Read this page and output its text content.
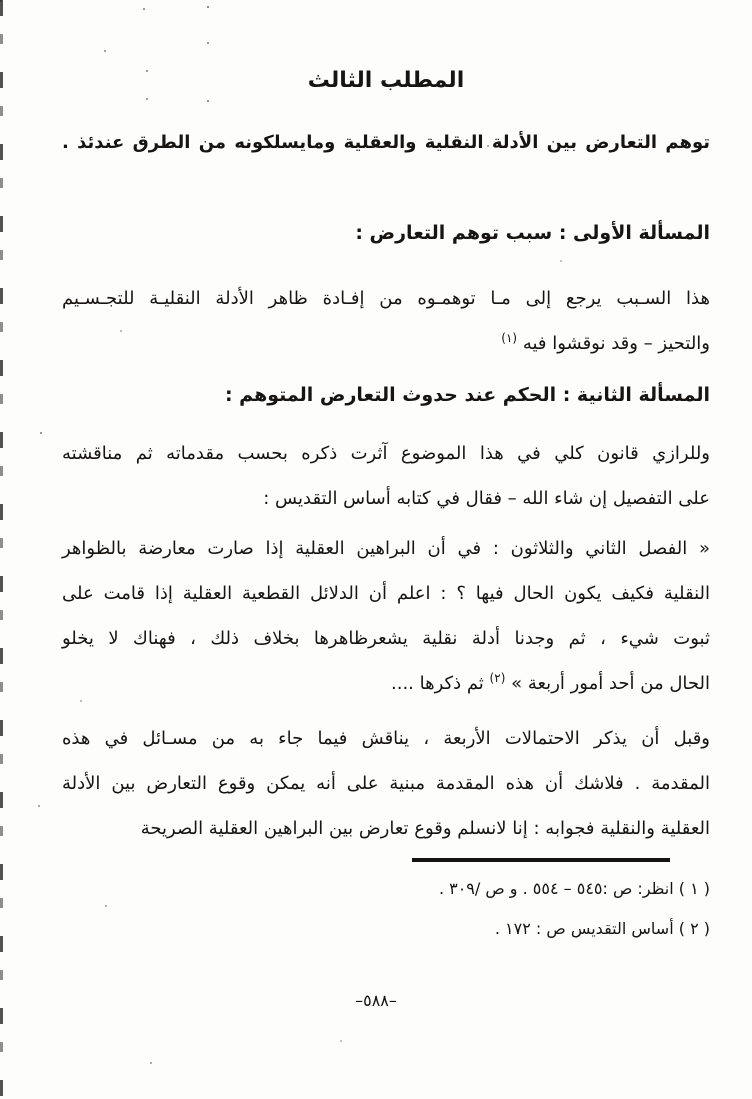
المطلب الثالث
توهم التعارض بين الأدلة النقلية والعقلية ومايسلكونه من الطرق عندئذ .
المسألة الأولى : سبب توهم التعارض :
هذا السـبب يرجع إلى مـا توهمـوه من إفـادة ظاهر الأدلة النقليـة للتجـسـيم
والتحيز – وقد نوقشوا فيه $^{(١)}$
المسألة الثانية : الحكم عند حدوث التعارض المتوهم :
وللرازي قانون كلي في هذا الموضوع آثرت ذكره بحسب مقدماته ثم مناقشته
على التفصيل إن شاء الله – فقال في كتابه أساس التقديس :
« الفصل الثاني والثلاثون : في أن البراهين العقلية إذا صارت معارضة بالظواهر
النقلية فكيف يكون الحال فيها ؟ : اعلم أن الدلائل القطعية العقلية إذا قامت على
ثبوت شيء ، ثم وجدنا أدلة نقلية يشعرظاهرها بخلاف ذلك ، فهناك لا يخلو
الحال من أحد أمور أربعة » $^{(٢)}$ ثم ذكرها ....
وقبل أن يذكر الاحتمالات الأربعة ، يناقش فيما جاء به من مسـائل في هذه
المقدمة . فلاشك أن هذه المقدمة مبنية على أنه يمكن وقوع التعارض بين الأدلة
العقلية والنقلية فجوابه : إنا لانسلم وقوع تعارض بين البراهين العقلية الصريحة
( ١ ) انظر: ص :٥٤٥ – ٥٥٤ . و ص /٣٠٩ .
( ٢ ) أساس التقديس ص : ١٧٢ .
–٥٨٨–
